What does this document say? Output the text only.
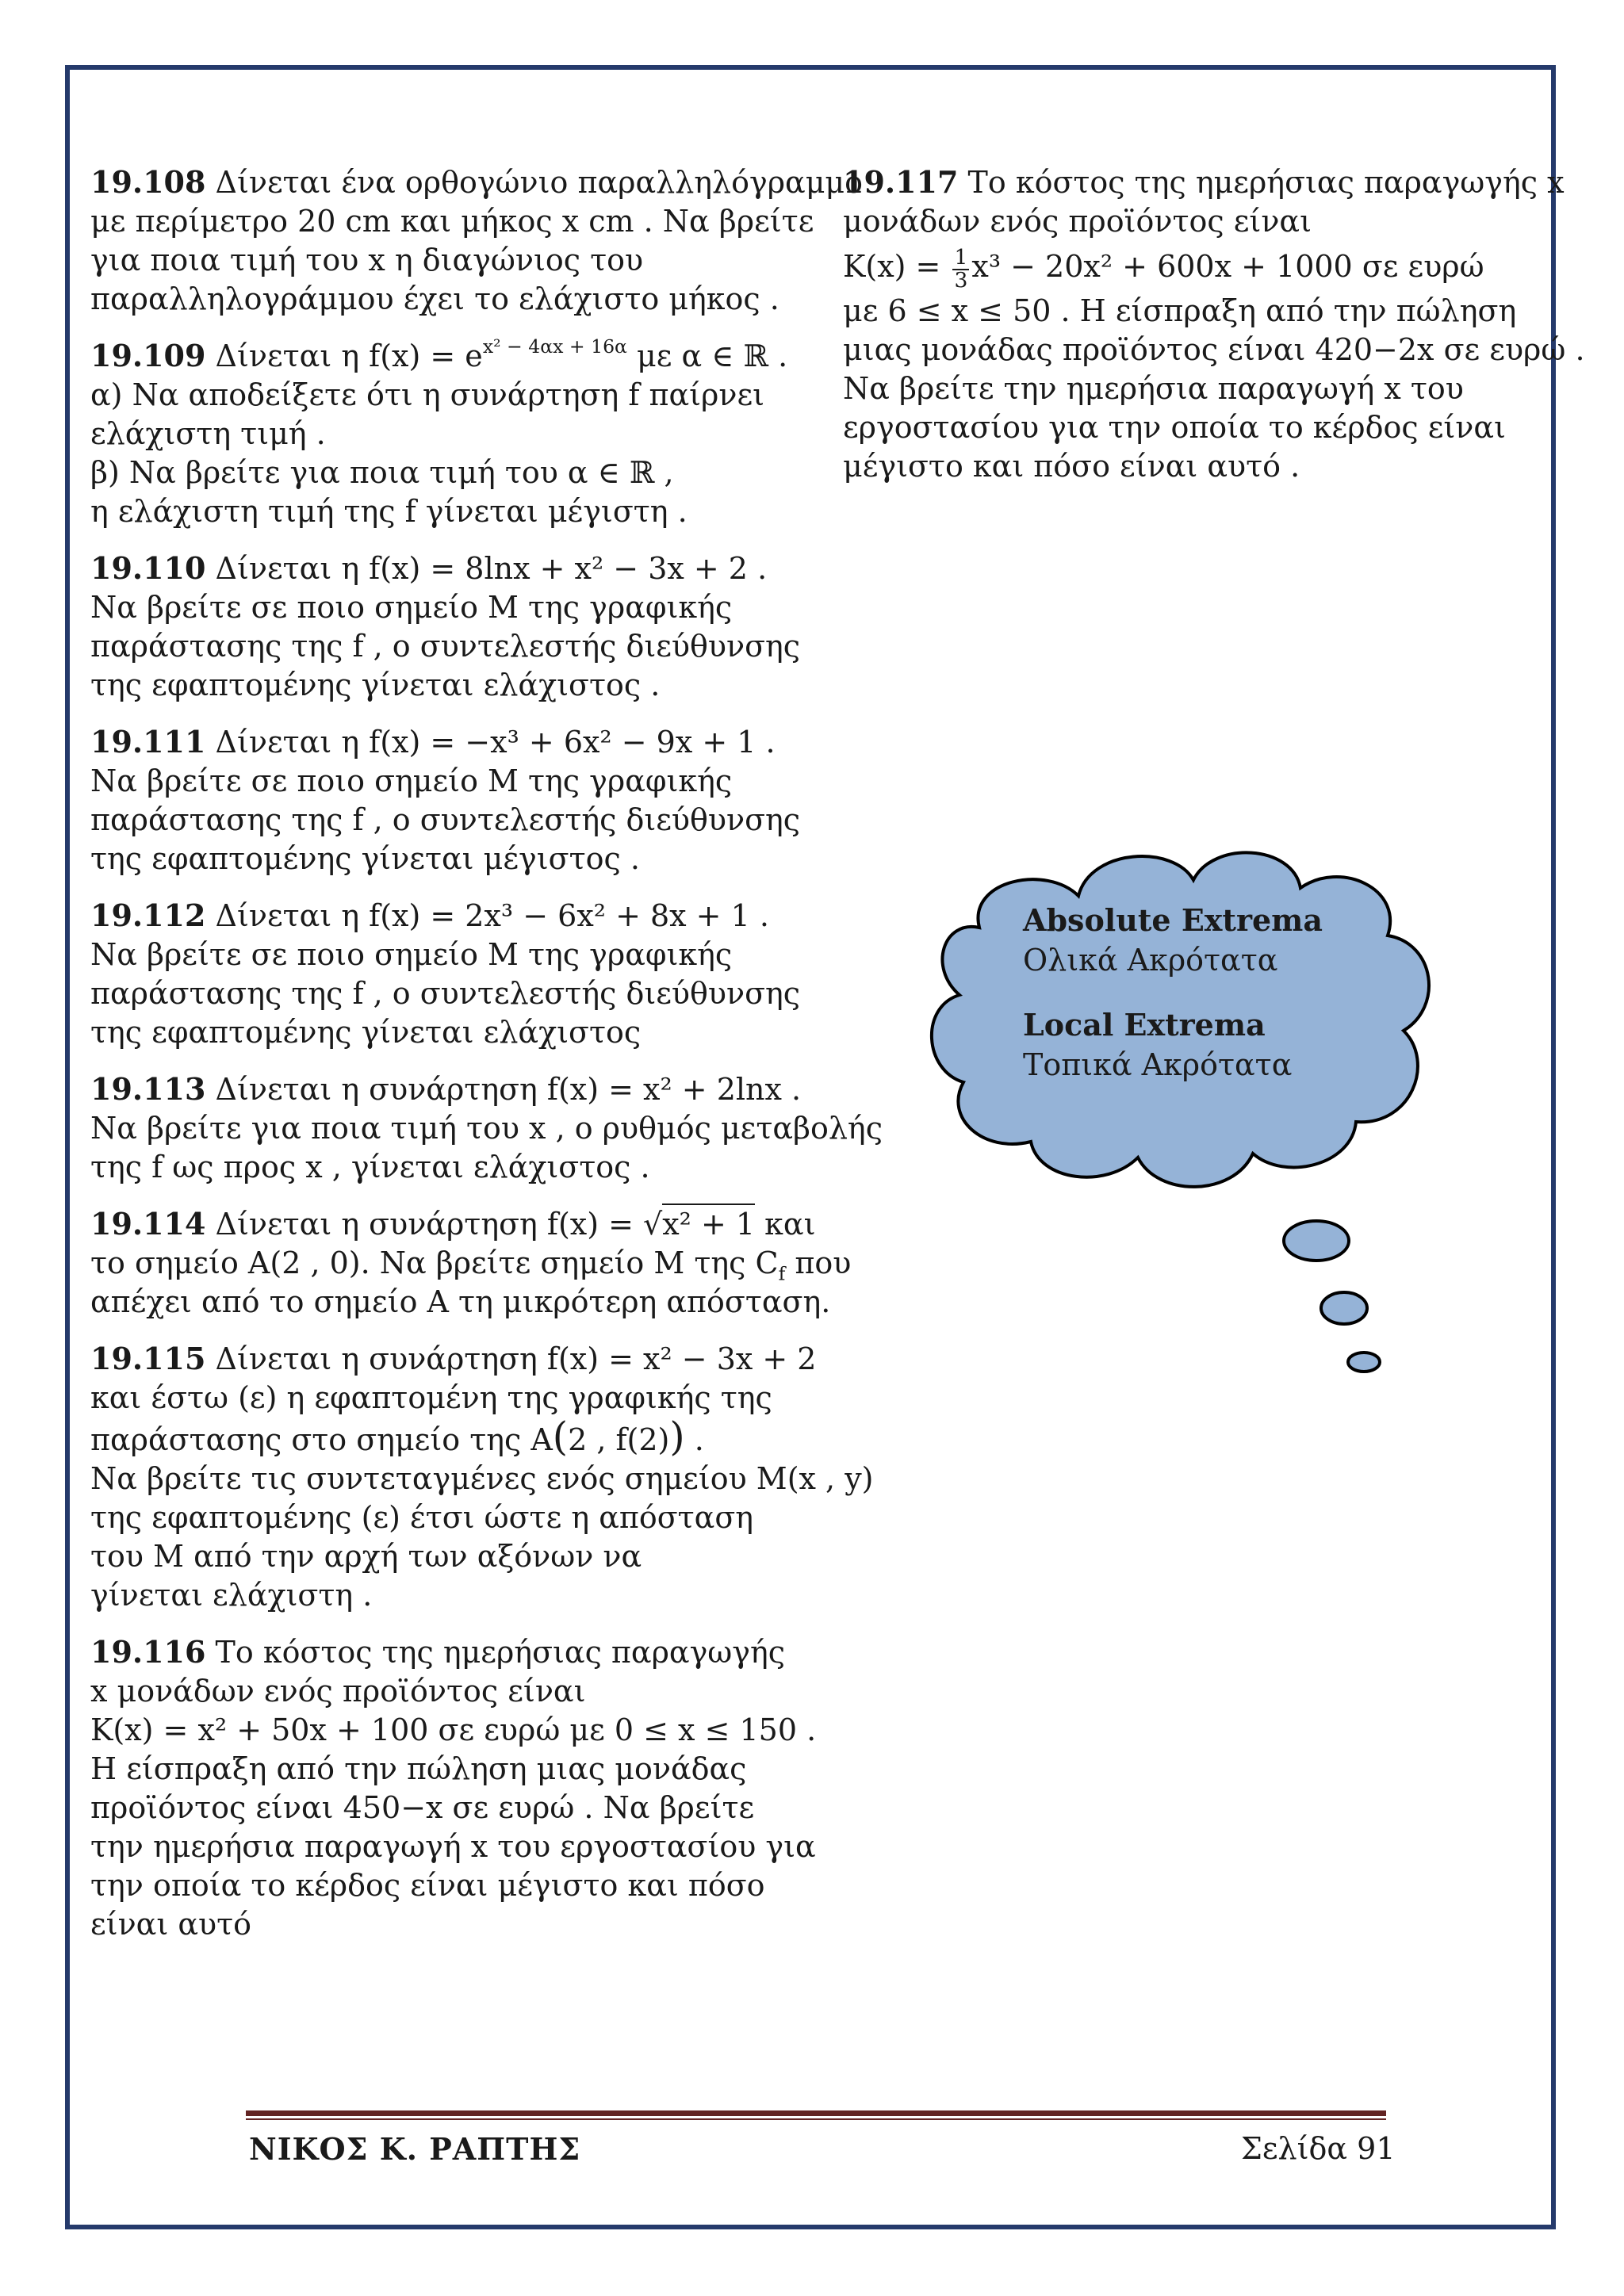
19.108 Δίνεται ένα ορθογώνιο παραλληλόγραμμο
με περίμετρο 20 cm και μήκος x cm . Να βρείτε
για ποια τιμή του x η διαγώνιος του
παραλληλογράμμου έχει το ελάχιστο μήκος .
19.109 Δίνεται η $f(x) = e^{x^2 - 4\alpha x + 16\alpha}$ με α ∈ ℝ .
α) Να αποδείξετε ότι η συνάρτηση f παίρνει
ελάχιστη τιμή .
β) Να βρείτε για ποια τιμή του α ∈ ℝ ,
η ελάχιστη τιμή της f γίνεται μέγιστη .
19.110 Δίνεται η f(x) = 8lnx + x² − 3x + 2 .
Να βρείτε σε ποιο σημείο M της γραφικής
παράστασης της f , ο συντελεστής διεύθυνσης
της εφαπτομένης γίνεται ελάχιστος .
19.111 Δίνεται η f(x) = −x³ + 6x² − 9x + 1 .
Να βρείτε σε ποιο σημείο M της γραφικής
παράστασης της f , ο συντελεστής διεύθυνσης
της εφαπτομένης γίνεται μέγιστος .
19.112 Δίνεται η f(x) = 2x³ − 6x² + 8x + 1 .
Να βρείτε σε ποιο σημείο M της γραφικής
παράστασης της f , ο συντελεστής διεύθυνσης
της εφαπτομένης γίνεται ελάχιστος
19.113 Δίνεται η συνάρτηση f(x) = x² + 2lnx .
Να βρείτε για ποια τιμή του x , ο ρυθμός μεταβολής
της f ως προς x , γίνεται ελάχιστος .
19.114 Δίνεται η συνάρτηση f(x) = √x² + 1 και
το σημείο A(2 , 0). Να βρείτε σημείο M της $C_f$ που
απέχει από το σημείο A τη μικρότερη απόσταση.
19.115 Δίνεται η συνάρτηση f(x) = x² − 3x + 2
και έστω (ε) η εφαπτομένη της γραφικής της
παράστασης στο σημείο της A(2 , f(2)) .
Να βρείτε τις συντεταγμένες ενός σημείου M(x , y)
της εφαπτομένης (ε) έτσι ώστε η απόσταση
του M από την αρχή των αξόνων να
γίνεται ελάχιστη .
19.116 Το κόστος της ημερήσιας παραγωγής
x μονάδων ενός προϊόντος είναι
K(x) = x² + 50x + 100 σε ευρώ με 0 ≤ x ≤ 150 .
Η είσπραξη από την πώληση μιας μονάδας
προϊόντος είναι 450−x σε ευρώ . Να βρείτε
την ημερήσια παραγωγή x του εργοστασίου για
την οποία το κέρδος είναι μέγιστο και πόσο
είναι αυτό
19.117 Το κόστος της ημερήσιας παραγωγής x
μονάδων ενός προϊόντος είναι
$K(x) = \frac{1}{3} x^3 - 20x^2 + 600x + 1000$ σε ευρώ
με 6 ≤ x ≤ 50 . Η είσπραξη από την πώληση
μιας μονάδας προϊόντος είναι 420−2x σε ευρώ .
Να βρείτε την ημερήσια παραγωγή x του
εργοστασίου για την οποία το κέρδος είναι
μέγιστο και πόσο είναι αυτό .
Absolute Extrema
Ολικά Ακρότατα
Local Extrema
Τοπικά Ακρότατα
ΝΙΚΟΣ Κ. ΡΑΠΤΗΣ	Σελίδα 91
